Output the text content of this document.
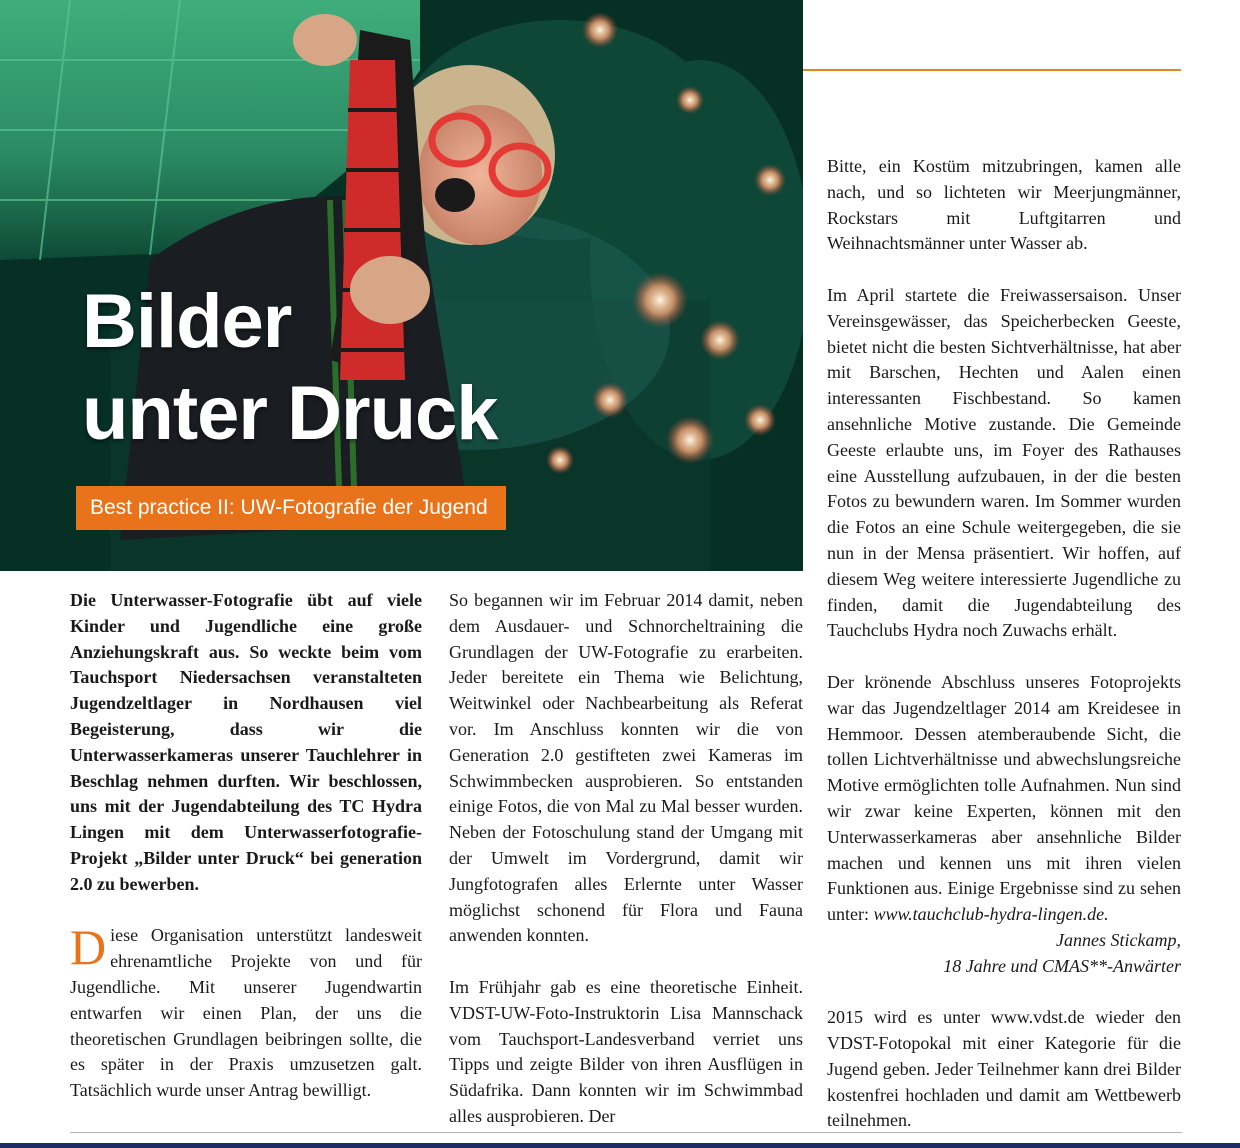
Bilder
unter Druck
Best practice II: UW-Fotografie der Jugend

Die Unterwasser-Fotografie übt auf viele Kinder und Jugendliche eine große Anziehungskraft aus. So weckte beim vom Tauchsport Niedersachsen veranstalteten Jugendzeltlager in Nordhausen viel Begeisterung, dass wir die Unterwasserkameras unserer Tauchlehrer in Beschlag nehmen durften. Wir beschlossen, uns mit der Jugendabteilung des TC Hydra Lingen mit dem Unterwasserfotografie-Projekt „Bilder unter Druck“ bei generation 2.0 zu bewerben.

Diese Organisation unterstützt landesweit ehrenamtliche Projekte von und für Jugendliche. Mit unserer Jugendwartin entwarfen wir einen Plan, der uns die theoretischen Grundlagen beibringen sollte, die es später in der Praxis umzusetzen galt. Tatsächlich wurde unser Antrag bewilligt.

So begannen wir im Februar 2014 damit, neben dem Ausdauer- und Schnorcheltraining die Grundlagen der UW-Fotografie zu erarbeiten. Jeder bereitete ein Thema wie Belichtung, Weitwinkel oder Nachbearbeitung als Referat vor. Im Anschluss konnten wir die von Generation 2.0 gestifteten zwei Kameras im Schwimmbecken ausprobieren. So entstanden einige Fotos, die von Mal zu Mal besser wurden. Neben der Fotoschulung stand der Umgang mit der Umwelt im Vordergrund, damit wir Jungfotografen alles Erlernte unter Wasser möglichst schonend für Flora und Fauna anwenden konnten.

Im Frühjahr gab es eine theoretische Einheit. VDST-UW-Foto-Instruktorin Lisa Mannschack vom Tauchsport-Landesverband verriet uns Tipps und zeigte Bilder von ihren Ausflügen in Südafrika. Dann konnten wir im Schwimmbad alles ausprobieren. Der

Bitte, ein Kostüm mitzubringen, kamen alle nach, und so lichteten wir Meerjungmänner, Rockstars mit Luftgitarren und Weihnachtsmänner unter Wasser ab.

Im April startete die Freiwassersaison. Unser Vereinsgewässer, das Speicherbecken Geeste, bietet nicht die besten Sichtverhältnisse, hat aber mit Barschen, Hechten und Aalen einen interessanten Fischbestand. So kamen ansehnliche Motive zustande. Die Gemeinde Geeste erlaubte uns, im Foyer des Rathauses eine Ausstellung aufzubauen, in der die besten Fotos zu bewundern waren. Im Sommer wurden die Fotos an eine Schule weitergegeben, die sie nun in der Mensa präsentiert. Wir hoffen, auf diesem Weg weitere interessierte Jugendliche zu finden, damit die Jugendabteilung des Tauchclubs Hydra noch Zuwachs erhält.

Der krönende Abschluss unseres Fotoprojekts war das Jugendzeltlager 2014 am Kreidesee in Hemmoor. Dessen atemberaubende Sicht, die tollen Lichtverhältnisse und abwechslungsreiche Motive ermöglichten tolle Aufnahmen. Nun sind wir zwar keine Experten, können mit den Unterwasserkameras aber ansehnliche Bilder machen und kennen uns mit ihren vielen Funktionen aus. Einige Ergebnisse sind zu sehen unter: www.tauchclub-hydra-lingen.de.

Jannes Stickamp,

18 Jahre und CMAS**-Anwärter

2015 wird es unter www.vdst.de wieder den VDST-Fotopokal mit einer Kategorie für die Jugend geben. Jeder Teilnehmer kann drei Bilder kostenfrei hochladen und damit am Wettbewerb teilnehmen.
